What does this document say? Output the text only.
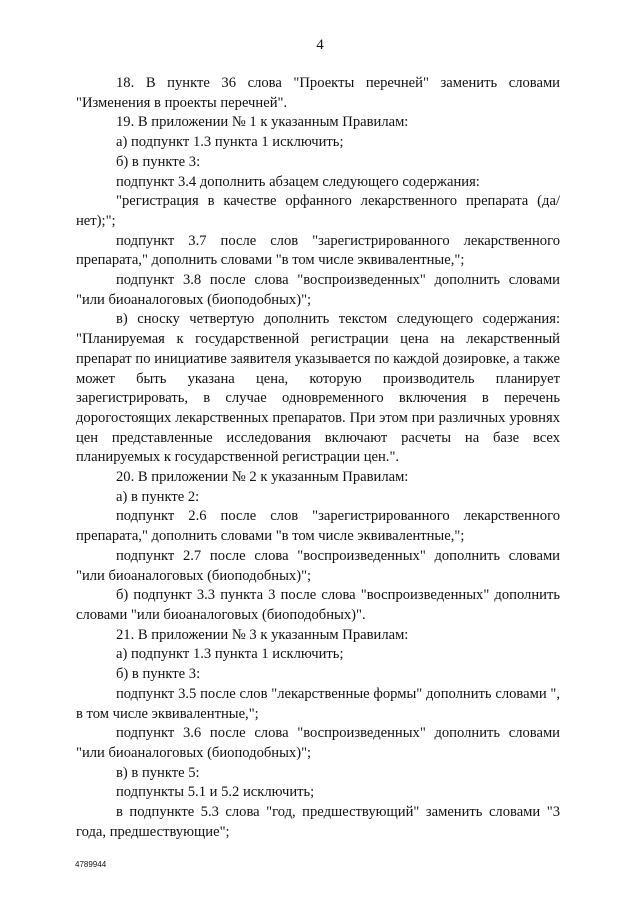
4

18. В пункте 36 слова "Проекты перечней" заменить словами "Изменения в проекты перечней".

19. В приложении № 1 к указанным Правилам:

а) подпункт 1.3 пункта 1 исключить;

б) в пункте 3:

подпункт 3.4 дополнить абзацем следующего содержания:

"регистрация в качестве орфанного лекарственного препарата (да/нет);";

подпункт 3.7 после слов "зарегистрированного лекарственного препарата," дополнить словами "в том числе эквивалентные,";

подпункт 3.8 после слова "воспроизведенных" дополнить словами "или биоаналоговых (биоподобных)";

в) сноску четвертую дополнить текстом следующего содержания: "Планируемая к государственной регистрации цена на лекарственный препарат по инициативе заявителя указывается по каждой дозировке, а также может быть указана цена, которую производитель планирует зарегистрировать, в случае одновременного включения в перечень дорогостоящих лекарственных препаратов. При этом при различных уровнях цен представленные исследования включают расчеты на базе всех планируемых к государственной регистрации цен.".

20. В приложении № 2 к указанным Правилам:

а) в пункте 2:

подпункт 2.6 после слов "зарегистрированного лекарственного препарата," дополнить словами "в том числе эквивалентные,";

подпункт 2.7 после слова "воспроизведенных" дополнить словами "или биоаналоговых (биоподобных)";

б) подпункт 3.3 пункта 3 после слова "воспроизведенных" дополнить словами "или биоаналоговых (биоподобных)".

21. В приложении № 3 к указанным Правилам:

а) подпункт 1.3 пункта 1 исключить;

б) в пункте 3:

подпункт 3.5 после слов "лекарственные формы" дополнить словами ", в том числе эквивалентные,";

подпункт 3.6 после слова "воспроизведенных" дополнить словами "или биоаналоговых (биоподобных)";

в) в пункте 5:

подпункты 5.1 и 5.2 исключить;

в подпункте 5.3 слова "год, предшествующий" заменить словами "3 года, предшествующие";

4789944
